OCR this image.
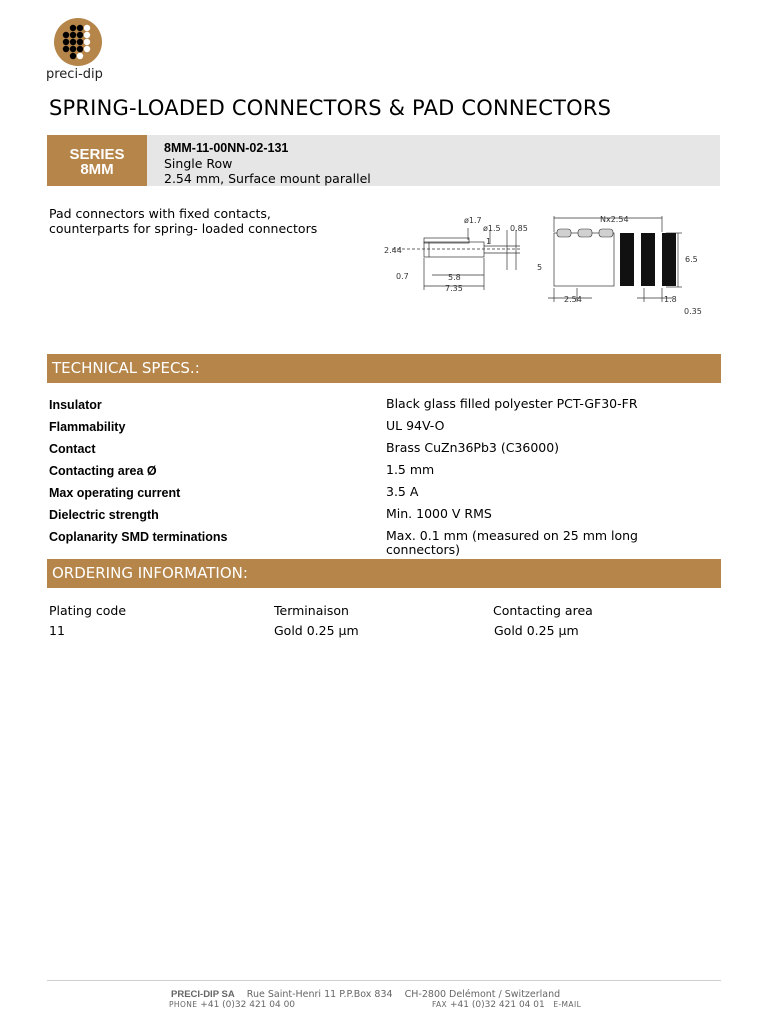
preci-dip
SPRING-LOADED CONNECTORS & PAD CONNECTORS
SERIES
8MM
8MM-11-00NN-02-131
Single Row
2.54 mm, Surface mount parallel
Pad connectors with fixed contacts,
counterparts for spring- loaded connectors
ø1.7
ø1.5 0.85
1
2.44
0.7	5.8
7.35
Nx2.54
5
6.5
2.54	1.8
0.35
TECHNICAL SPECS.:
Insulator	Black glass filled polyester PCT-GF30-FR
Flammability	UL 94V-O
Contact	Brass CuZn36Pb3 (C36000)
Contacting area Ø	1.5 mm
Max operating current	3.5 A
Dielectric strength	Min. 1000 V RMS
Coplanarity SMD terminations	Max. 0.1 mm (measured on 25 mm long connectors)
ORDERING INFORMATION:
Plating code	Terminaison	Contacting area
11	Gold 0.25 µm	Gold 0.25 µm
PRECI-DIP SA Rue Saint-Henri 11 P.P.Box 834 CH-2800 Delémont / Switzerland
PHONE +41 (0)32 421 04 00	FAX +41 (0)32 421 04 01 E-MAIL
